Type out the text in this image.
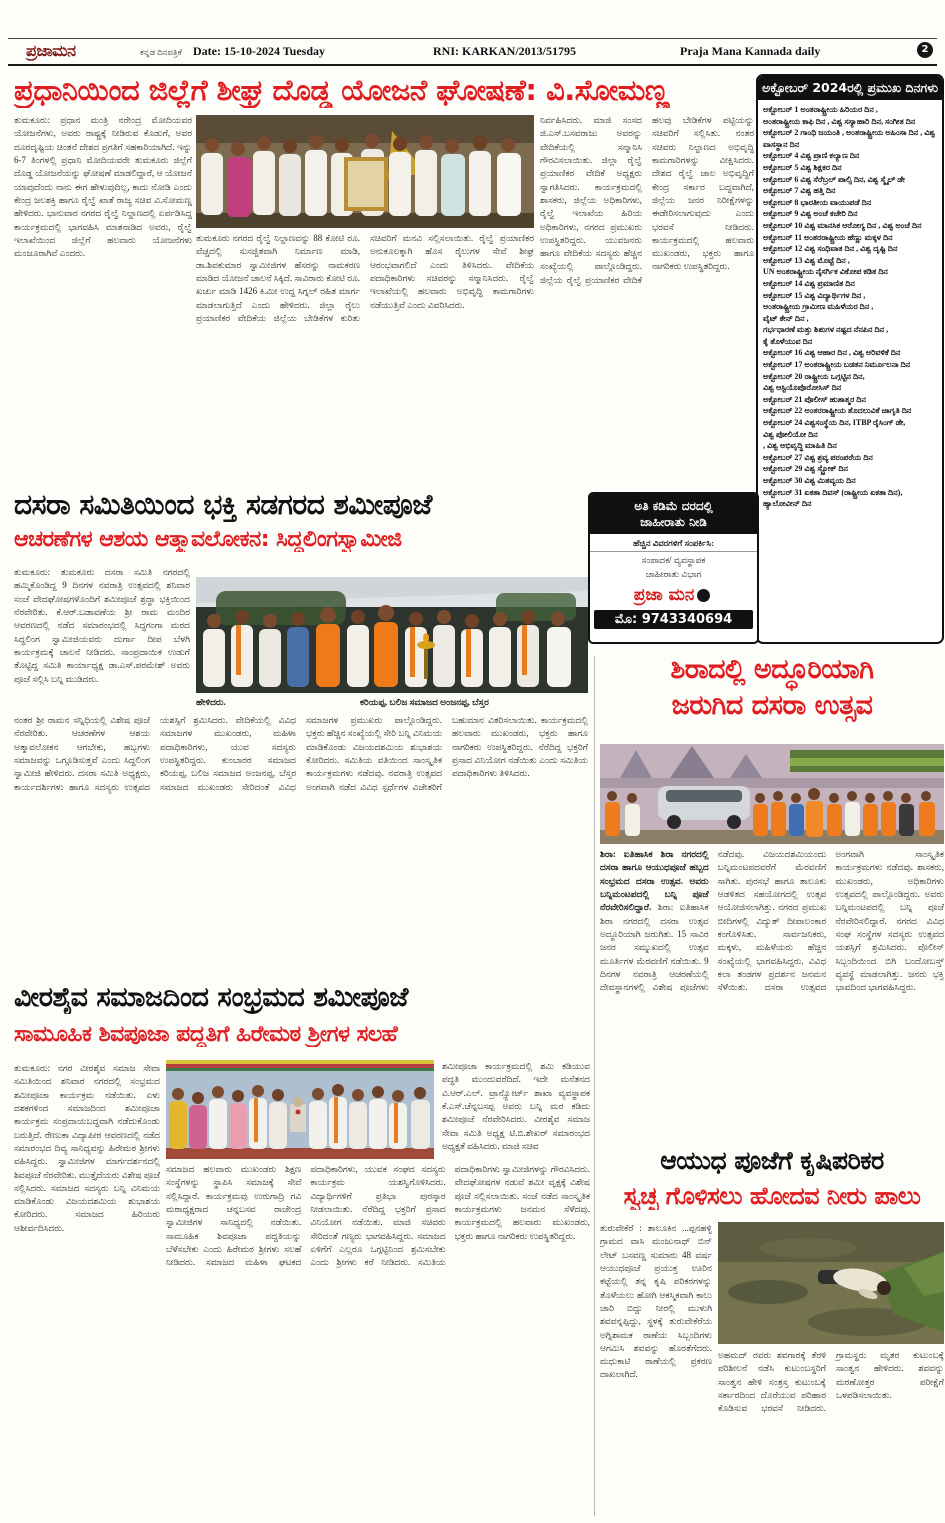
ಪ್ರಜಾಮನ	ಕನ್ನಡ ದಿನಪತ್ರಿಕೆ Date: 15-10-2024 Tuesday	RNI: KARKAN/2013/51795	Praja Mana Kannada daily	2
ಪ್ರಧಾನಿಯಿಂದ ಜಿಲ್ಲೆಗೆ ಶೀಘ್ರ ದೊಡ್ಡ ಯೋಜನೆ ಘೋಷಣೆ: ವಿ.ಸೋಮಣ್ಣ
ತುಮಕೂರು: ಪ್ರಧಾನ ಮಂತ್ರಿ ನರೇಂದ್ರ ಮೋದಿಯವರ ಯೋಜನೆಗಳು, ಅವರು ರಾಷ್ಟ್ರಕ್ಕೆ ನೀಡಿರುವ ಕೊಡುಗೆ, ಅವರ ದೂರದೃಷ್ಟಿಯ ಚಿಂತನೆ ದೇಶದ ಪ್ರಗತಿಗೆ ಸಹಕಾರಿಯಾಗಿದೆ. ಇನ್ನು 6-7 ತಿಂಗಳಲ್ಲಿ ಪ್ರಧಾನಿ ಮೋದಿಯವರೇ ತುಮಕೂರು ಜಿಲ್ಲೆಗೆ ದೊಡ್ಡ ಯೋಜನೆಯನ್ನು ಘೋಷಣೆ ಮಾಡಲಿದ್ದಾರೆ, ಆ ಯೋಜನೆ ಯಾವುದೆಂದು ನಾನು ಈಗ ಹೇಳುವುದಿಲ್ಲ, ಕಾದು ನೋಡಿ ಎಂದು ಕೇಂದ್ರ ಜಲಶಕ್ತಿ ಹಾಗೂ ರೈಲ್ವೆ ಖಾತೆ ರಾಜ್ಯ ಸಚಿವ ವಿ.ಸೋಮಣ್ಣ ಹೇಳಿದರು. ಭಾನುವಾರ ನಗರದ ರೈಲ್ವೆ ನಿಲ್ದಾಣದಲ್ಲಿ ಏರ್ಪಡಿಸಿದ್ದ ಕಾರ್ಯಕ್ರಮದಲ್ಲಿ ಭಾಗವಹಿಸಿ ಮಾತನಾಡಿದ ಅವರು, ರೈಲ್ವೆ ಇಲಾಖೆಯಿಂದ ಜಿಲ್ಲೆಗೆ ಹಲವಾರು ಯೋಜನೆಗಳು ಮಂಜೂರಾಗಿವೆ ಎಂದರು.
ತುಮಕೂರು ನಗರದ ರೈಲ್ವೆ ನಿಲ್ದಾಣವನ್ನು 88 ಕೋಟಿ ರೂ. ವೆಚ್ಚದಲ್ಲಿ ಸುಸಜ್ಜಿತವಾಗಿ ನಿರ್ಮಾಣ ಮಾಡಿ, ಡಾ.ಶಿವಕುಮಾರ ಸ್ವಾಮೀಜಿಗಳ ಹೆಸರನ್ನು ನಾಮಕರಣ ಮಾಡಿದ ಯೋಜನೆ ಚಾಲನೆ ಸಿಕ್ಕಿದೆ. ಸಾವಿರಾರು ಕೋಟಿ ರೂ. ಖರ್ಚು ಮಾಡಿ 1426 ಕಿ.ಮೀ ಉದ್ದ ಸಿಗ್ನಲ್ ರಹಿತ ಮಾರ್ಗ ಮಾಡಲಾಗುತ್ತಿದೆ ಎಂದು ಹೇಳಿದರು. ಜಿಲ್ಲಾ ರೈಲು ಪ್ರಯಾಣಿಕರ ವೇದಿಕೆಯ ಜಿಲ್ಲೆಯ ಬೇಡಿಕೆಗಳ ಕುರಿತು ಸಚಿವರಿಗೆ ಮನವಿ ಸಲ್ಲಿಸಲಾಯಿತು. ರೈಲ್ವೆ ಪ್ರಯಾಣಿಕರ ಅನುಕೂಲಕ್ಕಾಗಿ ಹೊಸ ರೈಲುಗಳ ಸೇವೆ ಶೀಘ್ರ ಆರಂಭವಾಗಲಿದೆ ಎಂದು ತಿಳಿಸಿದರು. ವೇದಿಕೆಯ ಪದಾಧಿಕಾರಿಗಳು ಸಚಿವರನ್ನು ಸನ್ಮಾನಿಸಿದರು. ರೈಲ್ವೆ ಇಲಾಖೆಯಲ್ಲಿ ಹಲವಾರು ಅಭಿವೃದ್ಧಿ ಕಾಮಗಾರಿಗಳು ನಡೆಯುತ್ತಿವೆ ಎಂದು ವಿವರಿಸಿದರು.
ನಿರ್ವಹಿಸಿದರು. ಮಾಜಿ ಸಂಸದ ಜಿ.ಎಸ್.ಬಸವರಾಜು ಅವರನ್ನು ವೇದಿಕೆಯಲ್ಲಿ ಸನ್ಮಾನಿಸಿ ಗೌರವಿಸಲಾಯಿತು. ಜಿಲ್ಲಾ ರೈಲ್ವೆ ಪ್ರಯಾಣಿಕರ ವೇದಿಕೆ ಅಧ್ಯಕ್ಷರು ಸ್ವಾಗತಿಸಿದರು. ಕಾರ್ಯಕ್ರಮದಲ್ಲಿ ಶಾಸಕರು, ಜಿಲ್ಲೆಯ ಅಧಿಕಾರಿಗಳು, ರೈಲ್ವೆ ಇಲಾಖೆಯ ಹಿರಿಯ ಅಧಿಕಾರಿಗಳು, ನಗರದ ಪ್ರಮುಖರು ಉಪಸ್ಥಿತರಿದ್ದರು. ಯುವಜನರು ಹಾಗೂ ವೇದಿಕೆಯ ಸದಸ್ಯರು ಹೆಚ್ಚಿನ ಸಂಖ್ಯೆಯಲ್ಲಿ ಪಾಲ್ಗೊಂಡಿದ್ದರು. ಜಿಲ್ಲೆಯ ರೈಲ್ವೆ ಪ್ರಯಾಣಿಕರ ವೇದಿಕೆ ಹಲವು ಬೇಡಿಕೆಗಳ ಪಟ್ಟಿಯನ್ನು ಸಚಿವರಿಗೆ ಸಲ್ಲಿಸಿತು. ನಂತರ ಸಚಿವರು ನಿಲ್ದಾಣದ ಅಭಿವೃದ್ಧಿ ಕಾಮಗಾರಿಗಳನ್ನು ವೀಕ್ಷಿಸಿದರು. ದೇಶದ ರೈಲ್ವೆ ಜಾಲ ಅಭಿವೃದ್ಧಿಗೆ ಕೇಂದ್ರ ಸರ್ಕಾರ ಬದ್ಧವಾಗಿದೆ, ಜಿಲ್ಲೆಯ ಜನರ ನಿರೀಕ್ಷೆಗಳನ್ನು ಈಡೇರಿಸಲಾಗುವುದು ಎಂದು ಭರವಸೆ ನೀಡಿದರು. ಕಾರ್ಯಕ್ರಮದಲ್ಲಿ ಹಲವಾರು ಮುಖಂಡರು, ಭಕ್ತರು ಹಾಗೂ ನಾಗರಿಕರು ಉಪಸ್ಥಿತರಿದ್ದರು.
ಅಕ್ಟೋಬರ್ 2024ರಲ್ಲಿ ಪ್ರಮುಖ ದಿನಗಳು
ಅಕ್ಟೋಬರ್ 1 ಅಂತರಾಷ್ಟ್ರೀಯ ಹಿರಿಯರ ದಿನ ,
ಅಂತರಾಷ್ಟ್ರೀಯ ಕಾಫಿ ದಿನ , ವಿಶ್ವ ಸಸ್ಯಾಹಾರಿ ದಿನ, ಸಂಗೀತ ದಿನ
ಅಕ್ಟೋಬರ್ 2 ಗಾಂಧಿ ಜಯಂತಿ , ಅಂತರಾಷ್ಟ್ರೀಯ ಅಹಿಂಸಾ ದಿನ , ವಿಶ್ವ ವಾಸಸ್ಥಾನ ದಿನ
ಅಕ್ಟೋಬರ್ 4 ವಿಶ್ವ ಪ್ರಾಣಿ ಕಲ್ಯಾಣ ದಿನ
ಅಕ್ಟೋಬರ್ 5 ವಿಶ್ವ ಶಿಕ್ಷಕರ ದಿನ
ಅಕ್ಟೋಬರ್ 6 ವಿಶ್ವ ಸೆರೆಬ್ರಲ್ ಪಾಲ್ಸಿ ದಿನ, ವಿಶ್ವ ಸ್ಮೈಲ್ ಡೇ
ಅಕ್ಟೋಬರ್ 7 ವಿಶ್ವ ಹತ್ತಿ ದಿನ
ಅಕ್ಟೋಬರ್ 8 ಭಾರತೀಯ ವಾಯುಪಡೆ ದಿನ
ಅಕ್ಟೋಬರ್ 9 ವಿಶ್ವ ಅಂಚೆ ಕಚೇರಿ ದಿನ
ಅಕ್ಟೋಬರ್ 10 ವಿಶ್ವ ಮಾನಸಿಕ ಆರೋಗ್ಯ ದಿನ , ವಿಶ್ವ ಅಂಚೆ ದಿನ
ಅಕ್ಟೋಬರ್ 11 ಅಂತರರಾಷ್ಟ್ರೀಯ ಹೆಣ್ಣು ಮಕ್ಕಳ ದಿನ
ಅಕ್ಟೋಬರ್ 12 ವಿಶ್ವ ಸಂಧಿವಾತ ದಿನ , ವಿಶ್ವ ದೃಷ್ಟಿ ದಿನ
ಅಕ್ಟೋಬರ್ 13 ವಿಶ್ವ ಮೊಟ್ಟೆ ದಿನ ,
UN ಅಂತರಾಷ್ಟ್ರೀಯ ನೈಸರ್ಗಿಕ ವಿಕೋಪ ಕಡಿತ ದಿನ
ಅಕ್ಟೋಬರ್ 14 ವಿಶ್ವ ಪ್ರಮಾಣಿತ ದಿನ
ಅಕ್ಟೋಬರ್ 15 ವಿಶ್ವ ವಿದ್ಯಾರ್ಥಿಗಳ ದಿನ ,
ಅಂತರಾಷ್ಟ್ರೀಯ ಗ್ರಾಮೀಣ ಮಹಿಳೆಯರ ದಿನ ,
ವೈಟ್ ಕೇನ್ ದಿನ ,
ಗರ್ಭಧಾರಣೆ ಮತ್ತು ಶಿಶುಗಳ ನಷ್ಟದ ನೆನಪಿನ ದಿನ ,
ಕೈ ತೊಳೆಯುವ ದಿನ
ಅಕ್ಟೋಬರ್ 16 ವಿಶ್ವ ಆಹಾರ ದಿನ , ವಿಶ್ವ ಅರಿವಳಿಕೆ ದಿನ
ಅಕ್ಟೋಬರ್ 17 ಅಂತರಾಷ್ಟ್ರೀಯ ಬಡತನ ನಿರ್ಮೂಲನಾ ದಿನ
ಅಕ್ಟೋಬರ್ 20 ರಾಷ್ಟ್ರೀಯ ಒಗ್ಗಟ್ಟಿನ ದಿನ,
ವಿಶ್ವ ಆಸ್ಟಿಯೊಪೊರೋಸಿಸ್ ದಿನ
ಅಕ್ಟೋಬರ್ 21 ಪೊಲೀಸ್ ಹುತಾತ್ಮರ ದಿನ
ಅಕ್ಟೋಬರ್ 22 ಅಂತರರಾಷ್ಟ್ರೀಯ ತೊದಲುವಿಕೆ ಜಾಗೃತಿ ದಿನ
ಅಕ್ಟೋಬರ್ 24 ವಿಶ್ವಸಂಸ್ಥೆಯ ದಿನ, ITBP ರೈಸಿಂಗ್ ಡೇ,
ವಿಶ್ವ ಪೋಲಿಯೋ ದಿನ
, ವಿಶ್ವ ಅಭಿವೃದ್ಧಿ ಮಾಹಿತಿ ದಿನ
ಅಕ್ಟೋಬರ್ 27 ವಿಶ್ವ ಶ್ರವ್ಯ ಪರಂಪರೆಯ ದಿನ
ಅಕ್ಟೋಬರ್ 29 ವಿಶ್ವ ಸ್ಟ್ರೋಕ್ ದಿನ
ಅಕ್ಟೋಬರ್ 30 ವಿಶ್ವ ಮಿತವ್ಯಯ ದಿನ
ಅಕ್ಟೋಬರ್ 31 ಏಕತಾ ದಿವಸ್ (ರಾಷ್ಟ್ರೀಯ ಏಕತಾ ದಿನ),
ಹ್ಯಾಲೋವೀನ್ ದಿನ
ದಸರಾ ಸಮಿತಿಯಿಂದ ಭಕ್ತಿ ಸಡಗರದ ಶಮೀಪೂಜೆ
ಆಚರಣೆಗಳ ಆಶಯ ಆತ್ಮಾವಲೋಕನ: ಸಿದ್ಧಲಿಂಗಸ್ವಾಮೀಜಿ
ತುಮಕೂರು: ತುಮಕೂರು ದಸರಾ ಸಮಿತಿ ನಗರದಲ್ಲಿ ಹಮ್ಮಿಕೊಂಡಿದ್ದ 9 ದಿನಗಳ ನವರಾತ್ರಿ ಉತ್ಸವದಲ್ಲಿ ಶನಿವಾರ ಸಂಜೆ ವೇದಘೋಷಗಳೊಂದಿಗೆ ಶಮೀಪೂಜೆ ಶ್ರದ್ಧಾ ಭಕ್ತಿಯಿಂದ ನೆರವೇರಿತು. ಕೆ.ಆರ್.ಬಡಾವಣೆಯ ಶ್ರೀ ರಾಮ ಮಂದಿರ ಆವರಣದಲ್ಲಿ ನಡೆದ ಸಮಾರಂಭದಲ್ಲಿ ಸಿದ್ಧಗಂಗಾ ಮಠದ ಸಿದ್ಧಲಿಂಗ ಸ್ವಾಮೀಜಿಯವರು ದುರ್ಗಾ ದೀಪ ಬೆಳಗಿ ಕಾರ್ಯಕ್ರಮಕ್ಕೆ ಚಾಲನೆ ನೀಡಿದರು. ಸಾಂಪ್ರದಾಯಿಕ ಉಡುಗೆ ತೊಟ್ಟಿದ್ದ ಸಮಿತಿ ಕಾರ್ಯಾಧ್ಯಕ್ಷ ಡಾ.ಎಸ್.ಪರಮೇಶ್ ಅವರು ಪೂಜೆ ಸಲ್ಲಿಸಿ ಬನ್ನಿ ಮುಡಿದರು.
ಹೇಳಿದರು.	ಕರಿಯಪ್ಪ, ಬಲಿಜ ಸಮಾಜದ ಅಂಜನಪ್ಪ, ಬೆಸ್ತರ
ನಂತರ ಶ್ರೀ ರಾಮನ ಸನ್ನಿಧಿಯಲ್ಲಿ ವಿಶೇಷ ಪೂಜೆ ನೆರವೇರಿತು. ಆಚರಣೆಗಳ ಆಶಯ ಆತ್ಮಾವಲೋಕನ ಆಗಬೇಕು, ಹಬ್ಬಗಳು ಸಮಾಜವನ್ನು ಒಗ್ಗೂಡಿಸುತ್ತವೆ ಎಂದು ಸಿದ್ಧಲಿಂಗ ಸ್ವಾಮೀಜಿ ಹೇಳಿದರು. ದಸರಾ ಸಮಿತಿ ಅಧ್ಯಕ್ಷರು, ಕಾರ್ಯದರ್ಶಿಗಳು ಹಾಗೂ ಸದಸ್ಯರು ಉತ್ಸವದ ಯಶಸ್ಸಿಗೆ ಶ್ರಮಿಸಿದರು. ವೇದಿಕೆಯಲ್ಲಿ ವಿವಿಧ ಸಮಾಜಗಳ ಮುಖಂಡರು, ಮಹಿಳಾ ಪದಾಧಿಕಾರಿಗಳು, ಯುವ ಸದಸ್ಯರು ಉಪಸ್ಥಿತರಿದ್ದರು. ಕುಂಬಾರರ ಸಮಾಜದ ಕರಿಯಪ್ಪ, ಬಲಿಜ ಸಮಾಜದ ಅಂಜನಪ್ಪ, ಬೆಸ್ತರ ಸಮಾಜದ ಮುಖಂಡರು ಸೇರಿದಂತೆ ವಿವಿಧ ಸಮಾಜಗಳ ಪ್ರಮುಖರು ಪಾಲ್ಗೊಂಡಿದ್ದರು. ಭಕ್ತರು ಹೆಚ್ಚಿನ ಸಂಖ್ಯೆಯಲ್ಲಿ ಸೇರಿ ಬನ್ನಿ ವಿನಿಮಯ ಮಾಡಿಕೊಂಡು ವಿಜಯದಶಮಿಯ ಶುಭಾಶಯ ಕೋರಿದರು. ಸಮಿತಿಯ ವತಿಯಿಂದ ಸಾಂಸ್ಕೃತಿಕ ಕಾರ್ಯಕ್ರಮಗಳು ನಡೆದವು. ನವರಾತ್ರಿ ಉತ್ಸವದ ಅಂಗವಾಗಿ ನಡೆದ ವಿವಿಧ ಸ್ಪರ್ಧೆಗಳ ವಿಜೇತರಿಗೆ ಬಹುಮಾನ ವಿತರಿಸಲಾಯಿತು. ಕಾರ್ಯಕ್ರಮದಲ್ಲಿ ಹಲವಾರು ಮುಖಂಡರು, ಭಕ್ತರು ಹಾಗೂ ನಾಗರಿಕರು ಉಪಸ್ಥಿತರಿದ್ದರು. ನೆರೆದಿದ್ದ ಭಕ್ತರಿಗೆ ಪ್ರಸಾದ ವಿನಿಯೋಗ ನಡೆಯಿತು ಎಂದು ಸಮಿತಿಯ ಪದಾಧಿಕಾರಿಗಳು ತಿಳಿಸಿದರು.
ಅತಿ ಕಡಿಮೆ ದರದಲ್ಲಿ
ಜಾಹೀರಾತು ನೀಡಿ
ಹೆಚ್ಚಿನ ವಿವರಗಳಿಗೆ ಸಂಪರ್ಕಿಸಿ:
ಸಂಪಾದಕ/ ವ್ಯವಸ್ಥಾಪಕ
ಜಾಹೀರಾತು ವಿಭಾಗ
ಪ್ರಜಾ ಮನ
ಮೊ: 9743340694
ಶಿರಾದಲ್ಲಿ ಅದ್ಧೂರಿಯಾಗಿ
ಜರುಗಿದ ದಸರಾ ಉತ್ಸವ
ಶಿರಾ: ಐತಿಹಾಸಿಕ ಶಿರಾ ನಗರದಲ್ಲಿ ದಸರಾ ಹಾಗೂ ಆಯುಧಪೂಜೆ ಹಬ್ಬದ ಸಂಭ್ರಮದ ದಸರಾ ಉತ್ಸವ. ಅವರು ಬನ್ನಿಮಂಟಪದಲ್ಲಿ ಬನ್ನಿ ಪೂಜೆ ನೆರವೇರಿಸಲಿದ್ದಾರೆ. ಶಿರಾ: ಐತಿಹಾಸಿಕ ಶಿರಾ ನಗರದಲ್ಲಿ ದಸರಾ ಉತ್ಸವ ಅದ್ಧೂರಿಯಾಗಿ ಜರುಗಿತು. 15 ಸಾವಿರ ಜನರ ಸಮ್ಮುಖದಲ್ಲಿ ಉತ್ಸವ ಮೂರ್ತಿಗಳ ಮೆರವಣಿಗೆ ನಡೆಯಿತು. 9 ದಿನಗಳ ನವರಾತ್ರಿ ಆಚರಣೆಯಲ್ಲಿ ದೇವಸ್ಥಾನಗಳಲ್ಲಿ ವಿಶೇಷ ಪೂಜೆಗಳು ನಡೆದವು. ವಿಜಯದಶಮಿಯಂದು ಬನ್ನಿಮಂಟಪದವರೆಗೆ ಮೆರವಣಿಗೆ ಸಾಗಿತು. ಪುರಸಭೆ ಹಾಗೂ ತಾಲೂಕು ಆಡಳಿತದ ಸಹಯೋಗದಲ್ಲಿ ಉತ್ಸವ ಆಯೋಜಿಸಲಾಗಿತ್ತು. ನಗರದ ಪ್ರಮುಖ ಬೀದಿಗಳಲ್ಲಿ ವಿದ್ಯುತ್ ದೀಪಾಲಂಕಾರ ಕಂಗೊಳಿಸಿತು. ಸಾರ್ವಜನಿಕರು, ಮಕ್ಕಳು, ಮಹಿಳೆಯರು ಹೆಚ್ಚಿನ ಸಂಖ್ಯೆಯಲ್ಲಿ ಭಾಗವಹಿಸಿದ್ದರು. ವಿವಿಧ ಕಲಾ ತಂಡಗಳ ಪ್ರದರ್ಶನ ಜನಮನ ಸೆಳೆಯಿತು. ದಸರಾ ಉತ್ಸವದ ಅಂಗವಾಗಿ ಸಾಂಸ್ಕೃತಿಕ ಕಾರ್ಯಕ್ರಮಗಳು ನಡೆದವು. ಶಾಸಕರು, ಮುಖಂಡರು, ಅಧಿಕಾರಿಗಳು ಉತ್ಸವದಲ್ಲಿ ಪಾಲ್ಗೊಂಡಿದ್ದರು. ಅವರು ಬನ್ನಿಮಂಟಪದಲ್ಲಿ ಬನ್ನಿ ಪೂಜೆ ನೆರವೇರಿಸಲಿದ್ದಾರೆ. ನಗರದ ವಿವಿಧ ಸಂಘ ಸಂಸ್ಥೆಗಳ ಸದಸ್ಯರು ಉತ್ಸವದ ಯಶಸ್ಸಿಗೆ ಶ್ರಮಿಸಿದರು. ಪೊಲೀಸ್ ಸಿಬ್ಬಂದಿಯಿಂದ ಬಿಗಿ ಬಂದೋಬಸ್ತ್ ವ್ಯವಸ್ಥೆ ಮಾಡಲಾಗಿತ್ತು. ಜನರು ಭಕ್ತಿ ಭಾವದಿಂದ ಭಾಗವಹಿಸಿದ್ದರು.
ವೀರಶೈವ ಸಮಾಜದಿಂದ ಸಂಭ್ರಮದ ಶಮೀಪೂಜೆ
ಸಾಮೂಹಿಕ ಶಿವಪೂಜಾ ಪದ್ದತಿಗೆ ಹಿರೇಮಠ ಶ್ರೀಗಳ ಸಲಹೆ
ತುಮಕೂರು: ನಗರ ವೀರಶೈವ ಸಮಾಜ ಸೇವಾ ಸಮಿತಿಯಿಂದ ಶನಿವಾರ ನಗರದಲ್ಲಿ ಸಂಭ್ರಮದ ಶಮೀಪೂಜಾ ಕಾರ್ಯಕ್ರಮ ನಡೆಯಿತು. ಏಳು ದಶಕಗಳಿಂದ ಸಮಾಜದಿಂದ ಶಮೀಪೂಜಾ ಕಾರ್ಯಕ್ರಮ ಸಂಪ್ರದಾಯಬದ್ಧವಾಗಿ ನಡೆದುಕೊಂಡು ಬರುತ್ತಿದೆ. ರೇಣುಕಾ ವಿದ್ಯಾಪೀಠ ಆವರಣದಲ್ಲಿ ನಡೆದ ಸಮಾರಂಭದ ದಿವ್ಯ ಸಾನಿಧ್ಯವನ್ನು ಹಿರೇಮಠ ಶ್ರೀಗಳು ವಹಿಸಿದ್ದರು. ಸ್ವಾಮೀಜಿಗಳ ಮಾರ್ಗದರ್ಶನದಲ್ಲಿ ಶಿವಪೂಜೆ ನೆರವೇರಿತು. ಮುತ್ತೈದೆಯರು ವಿಶೇಷ ಪೂಜೆ ಸಲ್ಲಿಸಿದರು. ಸಮಾಜದ ಸದಸ್ಯರು ಬನ್ನಿ ವಿನಿಮಯ ಮಾಡಿಕೊಂಡು ವಿಜಯದಶಮಿಯ ಶುಭಾಶಯ ಕೋರಿದರು. ಸಮಾಜದ ಹಿರಿಯರು ಆಶೀರ್ವದಿಸಿದರು.
ಶಮೀಪೂಜಾ ಕಾರ್ಯಕ್ರಮದಲ್ಲಿ ಶಮಿ ಕಡಿಯುವ ಪದ್ಧತಿ ಮುಂದುವರೆದಿದೆ. ಇದೇ ಮನೆತನದ ವಿ.ಆರ್.ಎಲ್. ಟ್ರಾನ್ಸ್ಪೋರ್ಟ್ ಶಾಖಾ ವ್ಯವಸ್ಥಾಪಕ ಕೆ.ಎಸ್.ಚೆನ್ನಬಸಪ್ಪ ಅವರು ಬನ್ನಿ ಮರ ಕಡಿದು ಶಮೀಪೂಜೆ ನೆರವೇರಿಸಿದರು. ವೀರಶೈವ ಸಮಾಜ ಸೇವಾ ಸಮಿತಿ ಅಧ್ಯಕ್ಷ ಟಿ.ಬಿ.ಶೇಖರ್ ಸಮಾರಂಭದ ಅಧ್ಯಕ್ಷತೆ ವಹಿಸಿದರು. ಮಾಜಿ ಸಚಿವ
ಸಮಾಜದ ಹಲವಾರು ಮುಖಂಡರು ಶಿಕ್ಷಣ ಸಂಸ್ಥೆಗಳನ್ನು ಸ್ಥಾಪಿಸಿ ಸಮಾಜಕ್ಕೆ ಸೇವೆ ಸಲ್ಲಿಸಿದ್ದಾರೆ. ಕಾರ್ಯಕ್ರಮವು ಉರುಗಾದ್ರಿ ಗವಿ ಮಠಾಧ್ಯಕ್ಷರಾದ ಚನ್ನಬಸವ ರಾಜೇಂದ್ರ ಸ್ವಾಮೀಜಿಗಳ ಸಾನಿಧ್ಯದಲ್ಲಿ ನಡೆಯಿತು. ಸಾಮೂಹಿಕ ಶಿವಪೂಜಾ ಪದ್ದತಿಯನ್ನು ಬೆಳೆಸಬೇಕು ಎಂದು ಹಿರೇಮಠ ಶ್ರೀಗಳು ಸಲಹೆ ನೀಡಿದರು. ಸಮಾಜದ ಮಹಿಳಾ ಘಟಕದ ಪದಾಧಿಕಾರಿಗಳು, ಯುವಕ ಸಂಘದ ಸದಸ್ಯರು ಕಾರ್ಯಕ್ರಮ ಯಶಸ್ವಿಗೊಳಿಸಿದರು. ವಿದ್ಯಾರ್ಥಿಗಳಿಗೆ ಪ್ರತಿಭಾ ಪುರಸ್ಕಾರ ನೀಡಲಾಯಿತು. ನೆರೆದಿದ್ದ ಭಕ್ತರಿಗೆ ಪ್ರಸಾದ ವಿನಿಯೋಗ ನಡೆಯಿತು. ಮಾಜಿ ಸಚಿವರು ಸೇರಿದಂತೆ ಗಣ್ಯರು ಭಾಗವಹಿಸಿದ್ದರು. ಸಮಾಜದ ಏಳಿಗೆಗೆ ಎಲ್ಲರೂ ಒಗ್ಗಟ್ಟಿನಿಂದ ಶ್ರಮಿಸಬೇಕು ಎಂದು ಶ್ರೀಗಳು ಕರೆ ನೀಡಿದರು. ಸಮಿತಿಯ ಪದಾಧಿಕಾರಿಗಳು ಸ್ವಾಮೀಜಿಗಳನ್ನು ಗೌರವಿಸಿದರು. ವೇದಘೋಷಗಳ ನಡುವೆ ಶಮೀ ವೃಕ್ಷಕ್ಕೆ ವಿಶೇಷ ಪೂಜೆ ಸಲ್ಲಿಸಲಾಯಿತು. ಸಂಜೆ ನಡೆದ ಸಾಂಸ್ಕೃತಿಕ ಕಾರ್ಯಕ್ರಮಗಳು ಜನಮನ ಸೆಳೆದವು. ಕಾರ್ಯಕ್ರಮದಲ್ಲಿ ಹಲವಾರು ಮುಖಂಡರು, ಭಕ್ತರು ಹಾಗೂ ನಾಗರಿಕರು ಉಪಸ್ಥಿತರಿದ್ದರು.
ಆಯುಧ ಪೂಜೆಗೆ ಕೃಷಿಪರಿಕರ
ಸ್ವಚ್ಛ ಗೊಳಿಸಲು ಹೋದವ ನೀರು ಪಾಲು
ತುರುವೇಕೆರೆ : ತಾಲೂಕಿನ ...ಪ್ಪನಹಳ್ಳಿ ಗ್ರಾಮದ ವಾಸಿ ಮಂಜುನಾಥ್ ಬಿನ್ ಲೇಟ್ ಬಸವಣ್ಣ ಸುಮಾರು 48 ವರ್ಷ ಆಯುಧಪೂಜೆ ಪ್ರಯುಕ್ತ ಊರಿನ ಕಟ್ಟೆಯಲ್ಲಿ ತನ್ನ ಕೃಷಿ ಪರಿಕರಗಳನ್ನು ತೊಳೆಯಲು ಹೋಗಿ ಆಕಸ್ಮಿಕವಾಗಿ ಕಾಲು ಜಾರಿ ಬಿದ್ದು ನೀರಲ್ಲಿ ಮುಳುಗಿ ಶವವನ್ನಪ್ಪಿದ್ದು, ಸ್ಥಳಕ್ಕೆ ತುರುವೇಕೆರೆಯ ಅಗ್ನಿಶಾಮಕ ಠಾಣೆಯ ಸಿಬ್ಬಂದಿಗಳು ಆಗಮಿಸಿ ಶವವನ್ನು ಹೊರತೆಗೆದರು. ಮಧುಕಾಟಿ ಠಾಣೆಯಲ್ಲಿ ಪ್ರಕರಣ ದಾಖಲಾಗಿದೆ.
ಅಹಮದ್ ರವರು ಶವಗಾರಕ್ಕೆ ತೆರಳಿ ಪರಿಶೀಲನೆ ನಡೆಸಿ ಕುಟುಂಬಸ್ಥರಿಗೆ ಸಾಂತ್ವನ ಹೇಳಿ ಸಂತ್ರಸ್ತ ಕುಟುಂಬಕ್ಕೆ ಸರ್ಕಾರದಿಂದ ದೊರೆಯುವ ಪರಿಹಾರ ಕೊಡಿಸುವ ಭರವಸೆ ನೀಡಿದರು. ಗ್ರಾಮಸ್ಥರು ಮೃತರ ಕುಟುಂಬಕ್ಕೆ ಸಾಂತ್ವನ ಹೇಳಿದರು. ಶವವನ್ನು ಮರಣೋತ್ತರ ಪರೀಕ್ಷೆಗೆ ಒಳಪಡಿಸಲಾಯಿತು.
